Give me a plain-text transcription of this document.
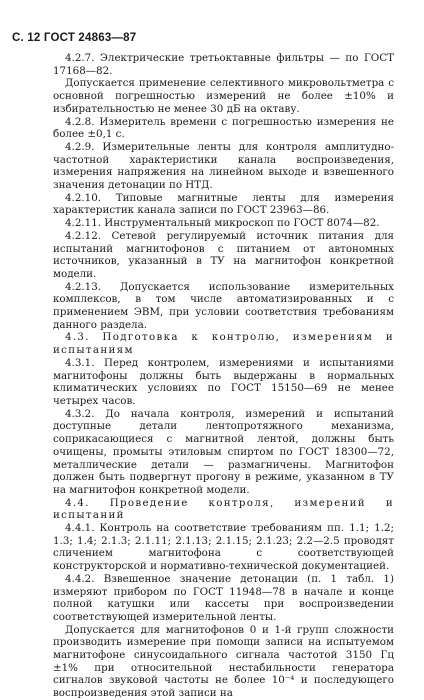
С. 12 ГОСТ 24863—87

4.2.7. Электрические третьоктавные фильтры — по ГОСТ 17168—82.

Допускается применение селективного микровольтметра с основной погрешностью измерений не более ±10% и избирательностью не менее 30 дБ на октаву.

4.2.8. Измеритель времени с погрешностью измерения не более ±0,1 с.

4.2.9. Измерительные ленты для контроля амплитудно-частотной характеристики канала воспроизведения, измерения напряжения на линейном выходе и взвешенного значения детонации по НТД.

4.2.10. Типовые магнитные ленты для измерения характеристик канала записи по ГОСТ 23963—86.

4.2.11. Инструментальный микроскоп по ГОСТ 8074—82.

4.2.12. Сетевой регулируемый источник питания для испытаний магнитофонов с питанием от автономных источников, указанный в ТУ на магнитофон конкретной модели.

4.2.13. Допускается использование измерительных комплексов, в том числе автоматизированных и с применением ЭВМ, при условии соответствия требованиям данного раздела.

4.3. Подготовка к контролю, измерениям и испытаниям

4.3.1. Перед контролем, измерениями и испытаниями магнитофоны должны быть выдержаны в нормальных климатических условиях по ГОСТ 15150—69 не менее четырех часов.

4.3.2. До начала контроля, измерений и испытаний доступные детали лентопротяжного механизма, соприкасающиеся с магнитной лентой, должны быть очищены, промыты этиловым спиртом по ГОСТ 18300—72, металлические детали — размагничены. Магнитофон должен быть подвергнут прогону в режиме, указанном в ТУ на магнитофон конкретной модели.

4.4. Проведение контроля, измерений и испытаний

4.4.1. Контроль на соответствие требованиям пп. 1.1; 1.2; 1.3; 1.4; 2.1.3; 2.1.11; 2.1.13; 2.1.15; 2.1.23; 2.2—2.5 проводят сличением магнитофона с соответствующей конструкторской и нормативно-технической документацией.

4.4.2. Взвешенное значение детонации (п. 1 табл. 1) измеряют прибором по ГОСТ 11948—78 в начале и конце полной катушки или кассеты при воспроизведении соответствующей измерительной ленты.

Допускается для магнитофонов 0 и 1-й групп сложности производить измерение при помощи записи на испытуемом магнитофоне синусоидального сигнала частотой 3150 Гц ±1% при относительной нестабильности генератора сигналов звуковой частоты не более 10⁻⁴ и последующего воспроизведения этой записи на
